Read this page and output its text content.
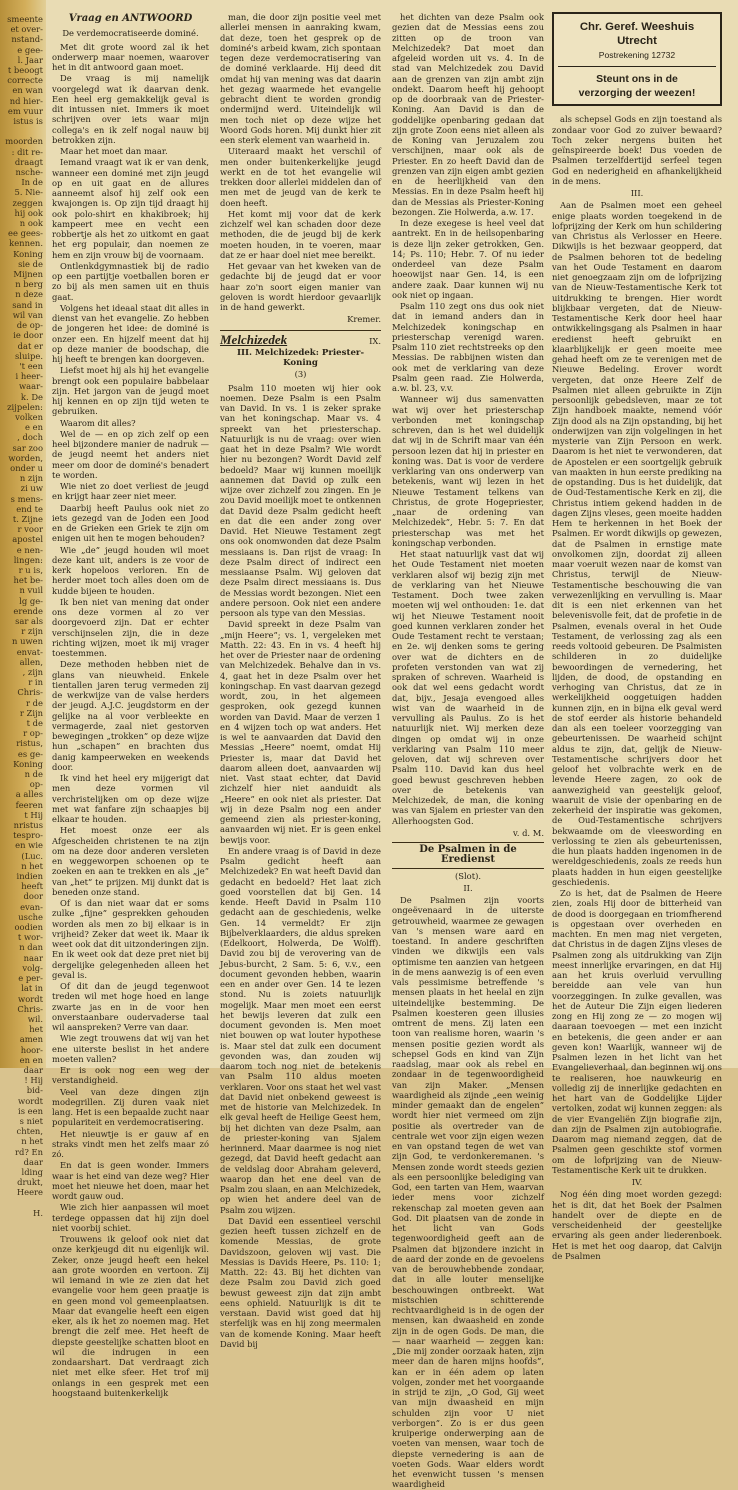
smeente
et over-
nstand-
e gee-
l. Jaar
t beoogt
correcte
en wan
nd hier-
em vuur
istus is

moorden
: dit re-
draagt
nsche-
In de
5. Nie-
zeggen
hij ook
n ook
ee gees-
kennen.
Koning
sie de
Mijnen
n berg
n deze
sand in
wil van
de op-
ie door
dat er
sluipe.
't een
i heer-
waar-
k. De
zijpelen:
volken
e en
, doch
sar zoo
worden,
onder u
n zijn
zi uw
s mens-
end te
t. Zijne
r voor
apostel
e nen-
lingen:
r u is,
het be-
n vuil
lg ge-
erende
sar als
r zijn
n uwen
envat-
allen,
, zijn
r in
Chris-
r de
r Zijn
t de
r op-
ristus,
es ge-
Koning
n de
op-
a alles
feeren
t Hij
nristus
tespro-
en wie
(Luc.
n het
indien
heeft
door
evan-
usche
oodien
t wor-
n dan
naar
volg-
e per-
lat in
wordt
Chris-
wil.
het
amen
hoor-
en en
daar
! Hij
bid-
wordt
is een
s niet
chten,
n het
rd? En
daar
lding
drukt,
Heere

H.
Vraag en ANTWOORD
De verdemocratiseerde dominé.

Met dit grote woord zal ik het onderwerp maar noemen, waarover het in dit antwoord gaan moet.

De vraag is mij namelijk voorgelegd wat ik daarvan denk. Een heel erg gemakkelijk geval is dit intussen niet. Immers ik moet schrijven over iets waar mijn collega's en ik zelf nogal nauw bij betrokken zijn.

Maar het moet dan maar.

Iemand vraagt wat ik er van denk, wanneer een dominé met zijn jeugd op en uit gaat en de allures aanneemt alsof hij zelf ook een kwajongen is. Op zijn tijd draagt hij ook polo-shirt en khakibroek; hij kampeert mee en vecht een robbertje als het zo uitkomt en gaat het erg populair, dan noemen ze hem en zijn vrouw bij de voornaam.

Ontlenkdgymnastiek bij de radio op een partijtje voetballen boren er zo bij als men samen uit en thuis gaat.

Volgens het ideaal staat dit alles in dienst van het evangelie. Zo hebben de jongeren het idee: de dominé is onzer een. En hijzelf meent dat hij op deze manier de boodschap, die hij heeft te brengen kan doorgeven.

Liefst moet hij als hij het evangelie brengt ook een populaire babbelaar zijn. Het jargon van de jeugd moet hij kennen en op zijn tijd weten te gebruiken.

Waarom dit alles?

Wel de — en op zich zelf op een heel bijzondere manier de nadruk — de jeugd neemt het anders niet meer om door de dominé's benadert te worden.

Wie niet zo doet verliest de jeugd en krijgt haar zeer niet meer.

Daarbij heeft Paulus ook niet zo iets gezegd van de Joden een Jood en de Grieken een Griek te zijn om enigen uit hen te mogen behouden?

Wie „de” jeugd houden wil moet deze kant uit, anders is ze voor de kerk hopeloos verloren. En de herder moet toch alles doen om de kudde bijeen te houden.

Ik ben niet van mening dat onder ons deze vormen al zo ver doorgevoerd zijn. Dat er echter verschijnselen zijn, die in deze richting wijzen, moet ik mij vrager toestemmen.

Deze methoden hebben niet de glans van nieuwheid. Enkele tientallen jaren terug vermeden zij de werkwijze van de valse herders der jeugd. A.J.C. jeugdstorm en der gelijke na al voor verbleekte en vermagerde, zaal niet gestorven bewegingen „trokken” op deze wijze hun „schapen” en brachten dus danig kampeerweken en weekends door.

Ik vind het heel ery mijgerigt dat men deze vormen vil verchristelijken om op deze wijze met wat fanfare zijn schaapjes bij elkaar te houden.

Het moest onze eer als Afgescheiden christenen te na zijn om na deze door anderen versleten en weggeworpen schoenen op te zoeken en aan te trekken en als „je” van „het” te prijzen. Mij dunkt dat is beneden onze stand.

Of is dan niet waar dat er soms zulke „fijne” gesprekken gehouden worden als men zo bij elkaar is in vrijheid? Zeker dat weet ik. Maar ik weet ook dat dit uitzonderingen zijn. En ik weet ook dat deze pret niet bij dergelijke gelegenheden alleen het geval is.

Of dit dan de jeugd tegenwoot treden wil met hoge hoed en lange zwarte jas en in de voor hen onverstaanbare oudervaderse taal wil aanspreken? Verre van daar.

Wie zegt trouwens dat wij van het ene uiterste beslist in het andere moeten vallen?

Er is ook nog een weg der verstandigheid.

Veel van deze dingen zijn modegrillen. Zij duren vaak niet lang. Het is een bepaalde zucht naar populariteit en verdemocratisering.

Het nieuwtje is er gauw af en straks vindt men het zelfs maar zó zó.

En dat is geen wonder. Immers waar is het eind van deze weg? Hier moet het nieuwe het doen, maar het wordt gauw oud.

Wie zich hier aanpassen wil moet terdege oppassen dat hij zijn doel niet voorbij schiet.

Trouwens ik geloof ook niet dat onze kerkjeugd dit nu eigenlijk wil. Zeker, onze jeugd heeft een hekel aan grote woorden en vertoon. Zij wil iemand in wie ze zien dat het evangelie voor hem geen praatje is en geen mond vol gemeenplaatsen. Maar dat evangelie heeft een eigen eker, als ik het zo noemen mag. Het brengt die zelf mee. Het heeft de diepste geestelijke schatten bloot en wil die indrugen in een zondaarshart. Dat verdraagt zich niet met elke sfeer. Het trof mij onlangs in een gesprek met een hoogstaand buitenkerkelijk

man, die door zijn positie veel met allerlei mensen in aanraking kwam, dat deze, toen het gesprek op de dominé's arbeid kwam, zich spontaan tegen deze verdemocratisering van de dominé verklaarde. Hij deed dit omdat hij van mening was dat daarin het gezag waarmede het evangelie gebracht dient te worden grondig ondermijnd werd. Uiteindelijk wil men toch niet op deze wijze het Woord Gods horen. Mij dunkt hier zit een sterk element van waarheid in.

Uiteraard maakt het verschil of men onder buitenkerkelijke jeugd werkt en de tot het evangelie wil trekken door allerlei middelen dan of men met de jeugd van de kerk te doen heeft.

Het komt mij voor dat de kerk zichzelf wel kan schaden door deze methoden, die de jeugd bij de kerk moeten houden, in te voeren, maar dat ze er haar doel niet mee bereikt.

Het gevaar van het kweken van de gedachte bij de jeugd dat er voor haar zo'n soort eigen manier van geloven is wordt hierdoor gevaarlijk in de hand gewerkt.

Kremer.
Melchizedek	IX.
III. Melchizedek: Priester-Koning
(3)

Psalm 110 moeten wij hier ook noemen. Deze Psalm is een Psalm van David. In vs. 1 is zeker sprake van het koningschap. Maar vs. 4 spreekt van het priesterschap. Natuurlijk is nu de vraag: over wien gaat het in deze Psalm? Wie wordt hier nu bezongen? Wordt David zelf bedoeld? Maar wij kunnen moeilijk aannemen dat David op zulk een wijze over zichzelf zou zingen. En je zou David moeilijk moet te ontkennen dat David deze Psalm gedicht heeft en dat die een ander zong over David. Het Nieuwe Testament zegt ons ook onomwonden dat deze Psalm messiaans is. Dan rijst de vraag: In deze Psalm direct of indirect een messiaanse Psalm. Wij geloven dat deze Psalm direct messiaans is. Dus de Messias wordt bezongen. Niet een andere persoon. Ook niet een andere persoon als type van den Messias.

David spreekt in deze Psalm van „mijn Heere”; vs. 1, vergeleken met Matth. 22: 43. En in vs. 4 heeft hij het over de Priester naar de ordening van Melchizedek. Behalve dan in vs. 4, gaat het in deze Psalm over het koningschap. En vast daarvan gezegd wordt, zou, in het algemeen gesproken, ook gezegd kunnen worden van David. Maar de verzen 1 en 4 wijzen toch op wat anders. Het is wel te aanvaarden dat David den Messias „Heere” noemt, omdat Hij Priester is, maar dat David het daarom alleen doet, aanvaarden wij niet. Vast staat echter, dat David zichzelf hier niet aanduidt als „Heere” en ook niet als priester. Dat wij in deze Psalm nog een ander gemeend zien als priester-koning, aanvaarden wij niet. Er is geen enkel bewijs voor.

En andere vraag is of David in deze Psalm gedicht heeft aan Melchizedek? En wat heeft David dan gedacht en bedoeld? Het laat zich goed voorstellen dat bij Gen. 14 kende. Heeft David in Psalm 110 gedacht aan de geschiedenis, welke Gen. 14 vermeldt? Er zijn Bijbelverklaarders, die aldus spreken (Edelkoort, Holwerda, De Wolff). David zou bij de verovering van de Jebus-burcht, 2 Sam. 5: 6, v.v., een document gevonden hebben, waarin een en ander over Gen. 14 te lezen stond. Nu is zoiets natuurlijk mogelijk. Maar men moet een eerst het bewijs leveren dat zulk een document gevonden is. Men moet niet bouwen op wat louter hypothese is. Maar stel dat zulk een document gevonden was, dan zouden wij daarom toch nog niet de betekenis van Psalm 110 aldus moeten verklaren. Voor ons staat het wel vast dat David niet onbekend geweest is met de historie van Melchizedek. In elk geval heeft de Heilige Geest hem, bij het dichten van deze Psalm, aan de priester-koning van Sjalem herinnerd. Maar daarmee is nog niet gezegd, dat David heeft gedacht aan de veldslag door Abraham geleverd, waarop dan het ene deel van de Psalm zou slaan, en aan Melchizedek, op wien het andere deel van de Psalm zou wijzen.

Dat David een essentieel verschil gezien heeft tussen zichzelf en de komende Messias, de grote Davidszoon, geloven wij vast. Die Messias is Davids Heere, Ps. 110: 1; Matth. 22: 43. Bij het dichten van deze Psalm zou David zich goed bewust geweest zijn dat zijn ambt eens ophield. Natuurlijk is dit te verstaan. David wist goed dat hij sterfelijk was en hij zong meermalen van de komende Koning. Maar heeft David bij

het dichten van deze Psalm ook gezien dat de Messias eens zou zitten op de troon van Melchizedek? Dat moet dan afgeleid worden uit vs. 4. In de stad van Melchizedek zou David aan de grenzen van zijn ambt zijn ondekt. Daarom heeft hij gehoopt op de doorbraak van de Priester-Koning. Aan David is dan de goddelijke openbaring gedaan dat zijn grote Zoon eens niet alleen als de Koning van Jeruzalem zou verschijnen, maar ook als de Priester. En zo heeft David dan de grenzen van zijn eigen ambt gezien en de heerlijkheid van den Messias. En in deze Psalm heeft hij dan de Messias als Priester-Koning bezongen. Zie Holwerda, a.w. 17.

In deze exegese is heel veel dat aantrekt. En in de heilsopenbaring is deze lijn zeker getrokken, Gen. 14; Ps. 110; Hebr. 7. Of nu ieder onderdeel van deze Psalm hoeowijst naar Gen. 14, is een andere zaak. Daar kunnen wij nu ook niet op ingaan.

Psalm 110 zegt ons dus ook niet dat in iemand anders dan in Melchizedek koningschap en priesterschap verenigd waren. Psalm 110 ziet rechtstreeks op den Messias. De rabbijnen wisten dan ook met de verklaring van deze Psalm geen raad. Zie Holwerda, a.w. bl. 23, v.v.

Wanneer wij dus samenvatten wat wij over het priesterschap verbonden met koningschap schreven, dan is het wel duidelijk dat wij in de Schrift maar van één persoon lezen dat hij in priester en koning was. Dat is voor de verdere verklaring van ons onderwerp van betekenis, want wij lezen in het Nieuwe Testament telkens van Christus, de grote Hogepriester, „naar de ordening van Melchizedek”, Hebr. 5: 7. En dat priesterschap was met het koningschap verbonden.

Het staat natuurlijk vast dat wij het Oude Testament niet moeten verklaren alsof wij bezig zijn met de verklaring van het Nieuwe Testament. Doch twee zaken moeten wij wel onthouden: 1e. dat wij het Nieuwe Testament nooit goed kunnen verklaren zonder het Oude Testament recht te verstaan; en 2e. wij denken soms te gering over wat de dichters en de profeten verstonden van wat zij spraken of schreven. Waarheid is ook dat wel eens gedacht wordt dat, bijv., Jesaja evengoed alles wist van de waarheid in de vervulling als Paulus. Zo is het natuurlijk niet. Wij merken deze dingen op omdat wij in onze verklaring van Psalm 110 meer geloven, dat wij schreven over Psalm 110. David kan dus heel goed bewust geschreven hebben over de betekenis van Melchizedek, de man, die koning was van Sjalem en priester van den Allerhoogsten God.

v. d. M.
De Psalmen in de Eredienst
(Slot).
II.

De Psalmen zijn voorts ongeëvenaard in de uiterste getrouwheid, waarmee ze gewagen van 's mensen ware aard en toestand. In andere geschriften vinden we dikwijls een vals optimisme ten aanzien van hetgeen in de mens aanwezig is of een even vals pessimisme betreffende 's mensen plaats in het heelal en zijn uiteindelijke bestemming. De Psalmen koesteren geen illusies omtrent de mens. Zij laten een toon van realisme horen, waarin 's mensen positie gezien wordt als schepsel Gods en kind van Zijn raadslag, maar ook als rebel en zondaar in de tegenwoordigheid van zijn Maker. „Mensen waardigheid als zijnde „een weinig minder gemaakt dan de engelen” wordt hier niet vermeed om zijn positie als overtreder van de centrale wet voor zijn eigen wezen en van opstand tegen de wet van zijn God, te verdonkeremanen. 's Mensen zonde wordt steeds gezien als een persoonlijke belediging van God, een tarten van Hem, waarvan ieder mens voor zichzelf rekenschap zal moeten geven aan God. Dit plaatsen van de zonde in het licht van Gods tegenwoordigheid geeft aan de Psalmen dat bijzondere inzicht in de aard der zonde en de gevoelens van de berouwhebbende zondaar, dat in alle louter menselijke beschouwingen ontbreekt. Wat mistschien schitterende rechtvaardigheid is in de ogen der mensen, kan dwaasheid en zonde zijn in de ogen Gods. De man, die — naar waarheid — zeggen kan: „Die mij zonder oorzaak haten, zijn meer dan de haren mijns hoofds”, kan er in één adem op laten volgen, zonder met het voorgaande in strijd te zijn, „O God, Gij weet van mijn dwaasheid en mijn schulden zijn voor U niet verborgen”. Zo is er dus geen kruiperige onderwerping aan de voeten van mensen, waar toch de diepste vernedering is aan de voeten Gods. Waar elders wordt het evenwicht tussen 's mensen waardigheid

Chr. Geref. Weeshuis
Utrecht
Postrekening 12732
Steunt ons in de
verzorging der weezen!

als schepsel Gods en zijn toestand als zondaar voor God zo zuiver bewaard? Toch zeker nergens buiten het geïnspireerde boek! Dus voeden de Psalmen terzelfdertijd serfeel tegen God en nederigheid en afhankelijkheid in de mens.

III.

Aan de Psalmen moet een geheel enige plaats worden toegekend in de lofprijzing der Kerk om hun schildering van Christus als Verlosser en Heere. Dikwijls is het bezwaar geopperd, dat de Psalmen behoren tot de bedeling van het Oude Testament en daarom niet genoegzaam zijn om de lofprijzing van de Nieuw-Testamentische Kerk tot uitdrukking te brengen. Hier wordt blijkbaar vergeten, dat de Nieuw-Testamentische Kerk door heel haar ontwikkelingsgang als Psalmen in haar eredienst heeft gebruikt en klaarblijkelijk er geen moeite mee gehad heeft om ze te verenigen met de Nieuwe Bedeling. Erover wordt vergeten, dat onze Heere Zelf de Psalmen niet alleen gebruikte in Zijn persoonlijk gebedsleven, maar ze tot Zijn handboek maakte, nemend vóór Zijn dood als na Zijn opstanding, bij het onderwijzen van zijn volgelingen in het mysterie van Zijn Persoon en werk. Daarom is het niet te verwonderen, dat de Apostelen er een soortgelijk gebruik van maakten in hun eerste prediking na de opstanding. Dus is het duidelijk, dat de Oud-Testamentische Kerk en zij, die Christus intiem gekend hadden in de dagen Zijns vleses, geen moeite hadden Hem te herkennen in het Boek der Psalmen. Er wordt dikwijls op gewezen, dat de Psalmen in ernstige mate onvolkomen zijn, doordat zij alleen maar voeruit wezen naar de komst van Christus, terwijl de Nieuw-Testamentische beschouwing die van verwezenlijking en vervulling is. Maar dit is een niet erkennen van het belevenisvolle feit, dat de profetie in de Psalmen, evenals overal in het Oude Testament, de verlossing zag als een reeds voltooid gebeuren. De Psalmisten schilderen in zo duidelijke bewoordingen de vernedering, het lijden, de dood, de opstanding en verhoging van Christus, dat ze in werkelijkheid ooggetuigen hadden kunnen zijn, en in bijna elk geval werd de stof eerder als historie behandeld dan als een toeleer voorzegging van gebeurtenissen. De waarheid schijnt aldus te zijn, dat, gelijk de Nieuw-Testamentische schrijvers door het geloof het volbrachte werk en de levende Heere zagen, zo ook de aanwezigheid van geestelijk geloof, waaruit de visie der openbaring en de zekerheid der inspiratie was gekomen, de Oud-Testamentische schrijvers bekwaamde om de vleeswording en verlossing te zien als gebeurtenissen, die hun plaats hadden ingenomen in de wereldgeschiedenis, zoals ze reeds hun plaats hadden in hun eigen geestelijke geschiedenis.

Zo is het, dat de Psalmen de Heere zien, zoals Hij door de bitterheid van de dood is doorgegaan en triomfherend is opgestaan over overheden en machten. En men mag niet vergeten, dat Christus in de dagen Zijns vleses de Psalmen zong als uitdrukking van Zijn meest innerlijke ervaringen, en dat Hij aan het kruis overluid vervulling bereidde aan vele van hun voorzeggingen. In zulke gevallen, was het de Auteur Die Zijn eigen liederen zong en Hij zong ze — zo mogen wij daaraan toevoegen — met een inzicht en betekenis, die geen ander er aan geven kon! Waarlijk, wanneer wij de Psalmen lezen in het licht van het Evangelieverhaal, dan beginnen wij ons te realiseren, hoe nauwkeurig en volledig zij de innerlijke gedachten en het hart van de Goddelijke Lijder vertolken, zodat wij kunnen zeggen: als de vier Evangeliën Zijn biografie zijn, dan zijn de Psalmen zijn autobiografie. Daarom mag niemand zeggen, dat de Psalmen geen geschikte stof vormen om de lofprijzing van de Nieuw-Testamentische Kerk uit te drukken.

IV.

Nog één ding moet worden gezegd: het is dit, dat het Boek der Psalmen handelt over de diepte en de verscheidenheid der geestelijke ervaring als geen ander liederenboek. Het is met het oog daarop, dat Calvijn de Psalmen
